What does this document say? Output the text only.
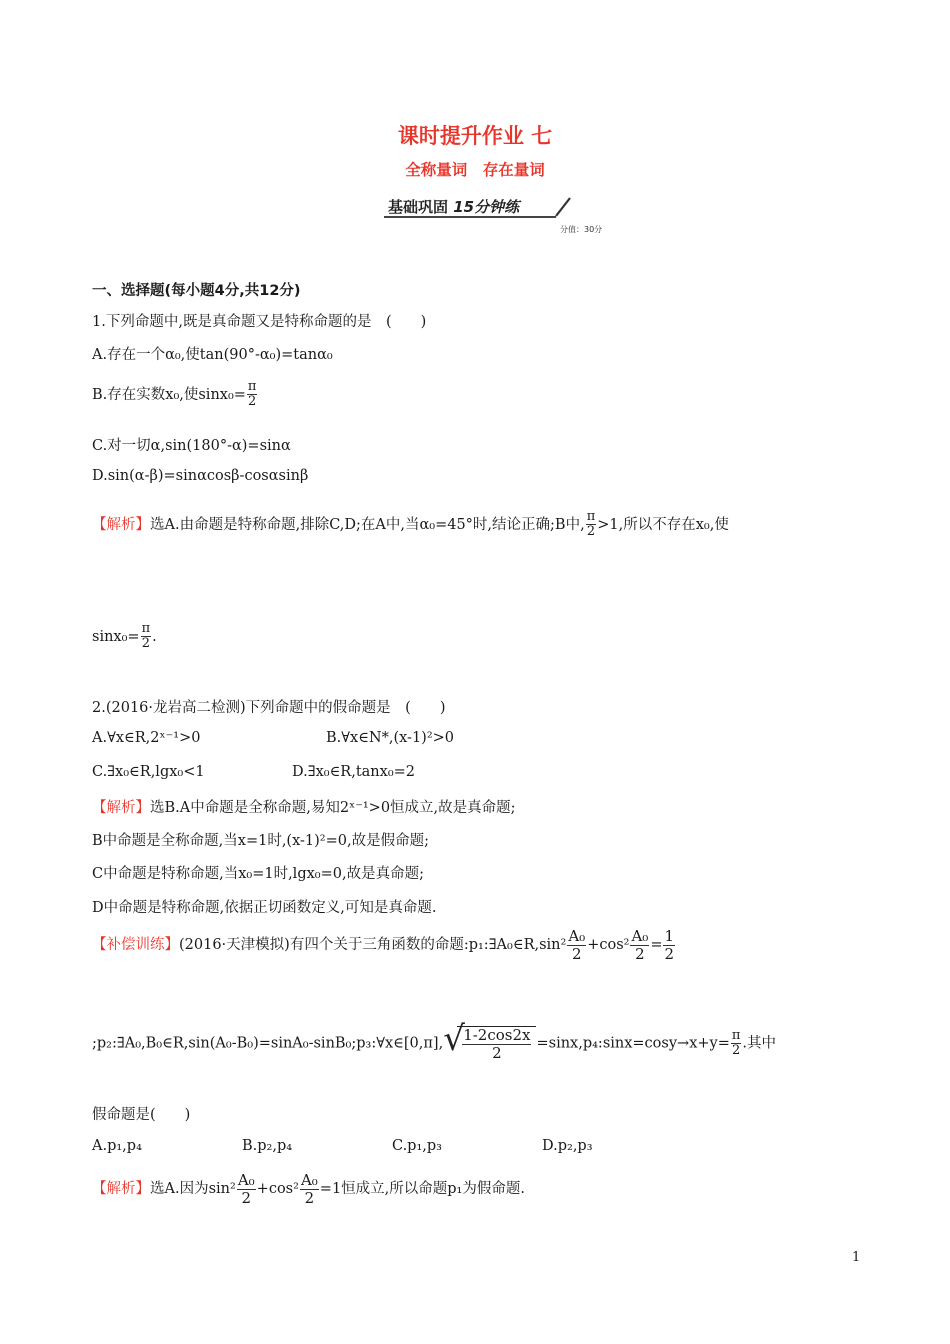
课时提升作业 七
全称量词　存在量词
基础巩固 15分钟练
分值：30分
一、选择题(每小题4分,共12分)
1.下列命题中,既是真命题又是特称命题的是　(　　)
A.存在一个α₀,使tan(90°-α₀)=tanα₀
B.存在实数x₀,使$\sin x_0= \frac{\pi}{2}$
C.对一切α,sin(180°-α)=sinα
D.sin(α-β)=sinαcosβ-cosαsinβ
【解析】选A.由命题是特称命题,排除C,D;在A中,当α₀=45°时,结论正确;B中, $\frac{\pi}{2} >1$,所以不存在x₀,使
$\sin x_0= \frac{\pi}{2}$ .
2.(2016·龙岩高二检测)下列命题中的假命题是　(　　)
A.∀x∈R,2ˣ⁻¹>0	B.∀x∈N*,(x-1)²>0
C.∃x₀∈R,lgx₀<1	D.∃x₀∈R,tanx₀=2
【解析】选B.A中命题是全称命题,易知2ˣ⁻¹>0恒成立,故是真命题;
B中命题是全称命题,当x=1时,(x-1)²=0,故是假命题;
C中命题是特称命题,当x₀=1时,lgx₀=0,故是真命题;
D中命题是特称命题,依据正切函数定义,可知是真命题.
【补偿训练】(2016·天津模拟)有四个关于三角函数的命题:p₁:∃A₀∈R,sin² $\frac{\text{A₀}}{2} +\cos^2 \frac{\text{A₀}}{2} = \frac{1}{2}$
;p₂:∃A₀,B₀∈R,sin(A₀-B₀)=sinA₀-sinB₀;p₃:∀x∈[0,π], √
$\frac{1-2\cos 2x}{2}$ =sinx,p₄:sinx=cosy→x+y= $\frac{\pi}{2}$ .其中
假命题是(　　)
A.p₁,p₄	B.p₂,p₄	C.p₁,p₃	D.p₂,p₃
【解析】选A.因为$\sin^2 \frac{\text{A₀}}{2} +\cos^2 \frac{\text{A₀}}{2} =1$恒成立,所以命题p₁为假命题.
1
